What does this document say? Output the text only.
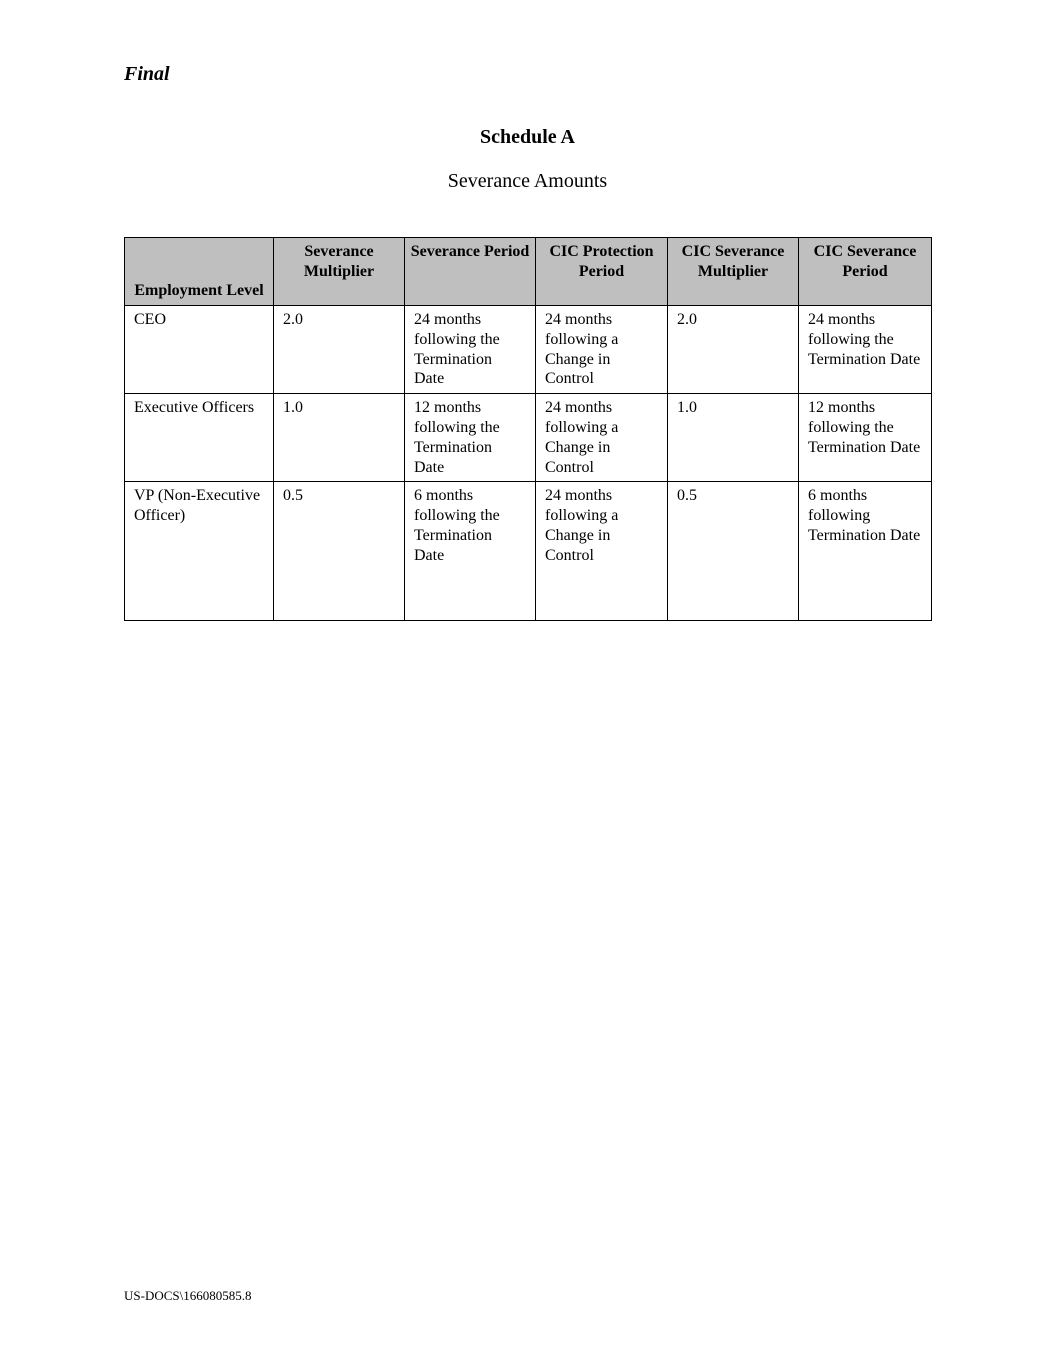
Final
Schedule A
Severance Amounts
Employment Level	Severance Multiplier	Severance Period	CIC Protection Period	CIC Severance Multiplier	CIC Severance Period
CEO	2.0	24 months following the Termination Date	24 months following a Change in Control	2.0	24 months following the Termination Date
Executive Officers	1.0	12 months following the Termination Date	24 months following a Change in Control	1.0	12 months following the Termination Date
VP (Non-Executive Officer)	0.5	6 months following the Termination Date	24 months following a Change in Control	0.5	6 months following Termination Date
US-DOCS\166080585.8
